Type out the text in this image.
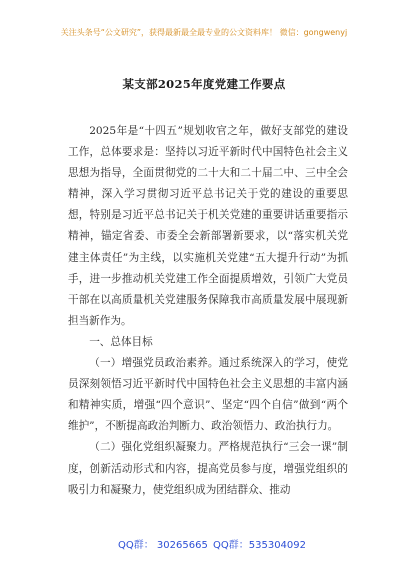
关注头条号“公文研究”，获得最新最全最专业的公文资料库！ 微信：gongwenyj
某支部2025年度党建工作要点

2025年是“十四五”规划收官之年，做好支部党的建设工作，总体要求是：坚持以习近平新时代中国特色社会主义思想为指导，全面贯彻党的二十大和二十届二中、三中全会精神，深入学习贯彻习近平总书记关于党的建设的重要思想，特别是习近平总书记关于机关党建的重要讲话重要指示精神，锚定省委、市委全会新部署新要求，以“落实机关党建主体责任”为主线，以实施机关党建“五大提升行动”为抓手，进一步推动机关党建工作全面提质增效，引领广大党员干部在以高质量机关党建服务保障我市高质量发展中展现新担当新作为。

一、总体目标

（一）增强党员政治素养。通过系统深入的学习，使党员深刻领悟习近平新时代中国特色社会主义思想的丰富内涵和精神实质，增强“四个意识”、坚定“四个自信”做到“两个维护”，不断提高政治判断力、政治领悟力、政治执行力。

（二）强化党组织凝聚力。严格规范执行“三会一课”制度，创新活动形式和内容，提高党员参与度，增强党组织的吸引力和凝聚力，使党组织成为团结群众、推动

QQ群： 30265665 QQ群：535304092
